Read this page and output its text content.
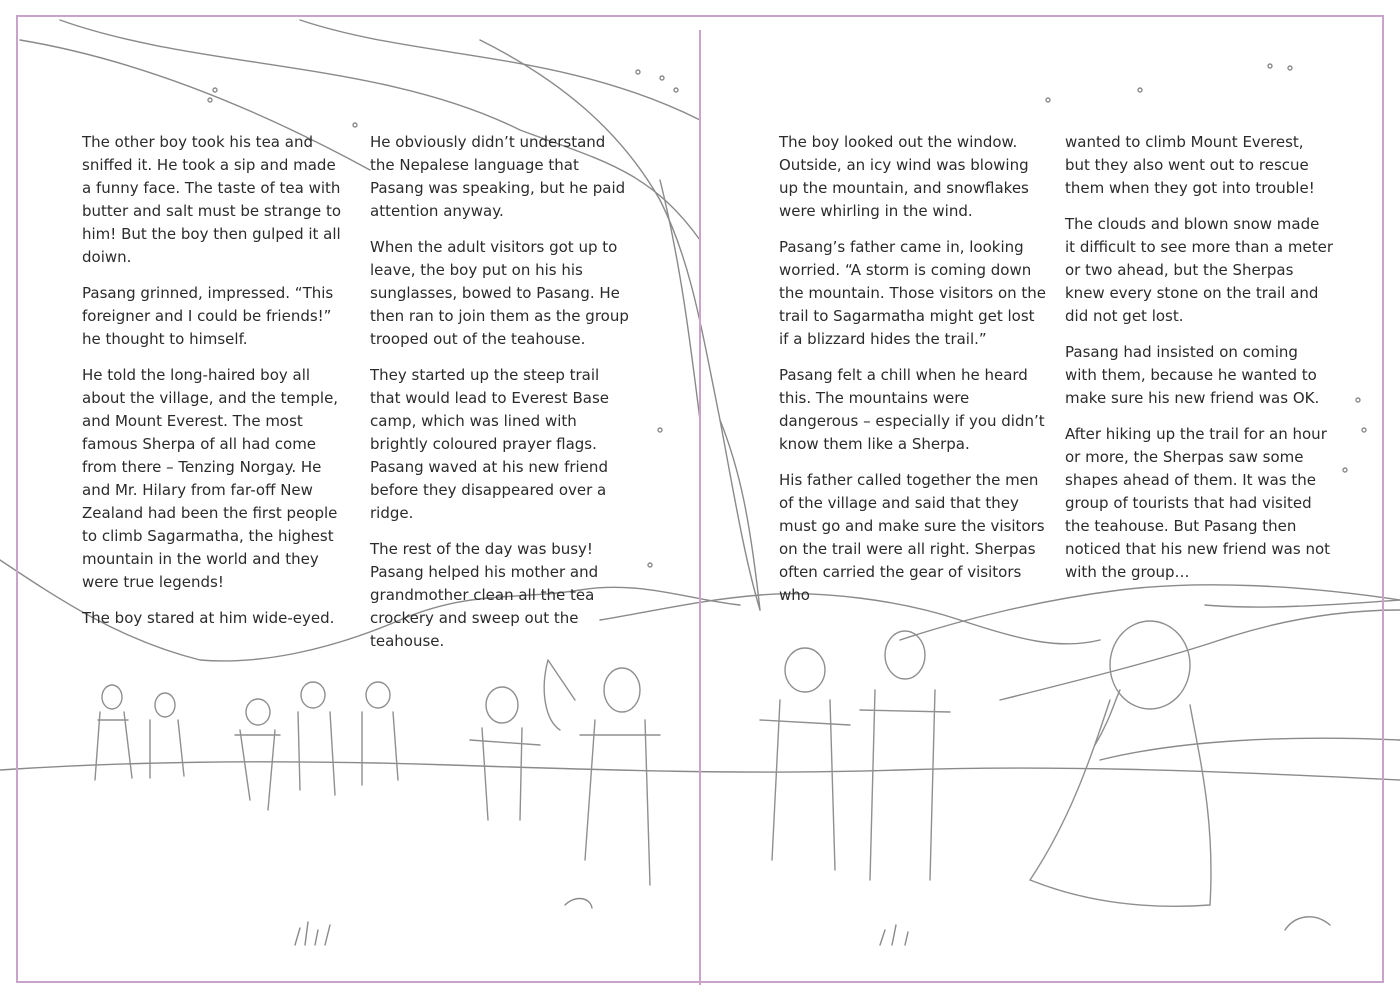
The other boy took his tea and sniffed it. He took a sip and made a funny face. The taste of tea with butter and salt must be strange to him! But the boy then gulped it all doiwn.

Pasang grinned, impressed. “This foreigner and I could be friends!” he thought to himself.

He told the long-haired boy all about the village, and the temple, and Mount Everest. The most famous Sherpa of all had come from there – Tenzing Norgay. He and Mr. Hilary from far-off New Zealand had been the first people to climb Sagarmatha, the highest mountain in the world and they were true legends!

The boy stared at him wide-eyed.

He obviously didn’t understand the Nepalese language that Pasang was speaking, but he paid attention anyway.

When the adult visitors got up to leave, the boy put on his his sunglasses, bowed to Pasang. He then ran to join them as the group trooped out of the teahouse.

They started up the steep trail that would lead to Everest Base camp, which was lined with brightly coloured prayer flags. Pasang waved at his new friend before they disappeared over a ridge.

The rest of the day was busy! Pasang helped his mother and grandmother clean all the tea crockery and sweep out the teahouse.

The boy looked out the window. Outside, an icy wind was blowing up the mountain, and snowflakes were whirling in the wind.

Pasang’s father came in, looking worried. “A storm is coming down the mountain. Those visitors on the trail to Sagarmatha might get lost if a blizzard hides the trail.”

Pasang felt a chill when he heard this. The mountains were dangerous – especially if you didn’t know them like a Sherpa.

His father called together the men of the village and said that they must go and make sure the visitors on the trail were all right. Sherpas often carried the gear of visitors who

wanted to climb Mount Everest, but they also went out to rescue them when they got into trouble!

The clouds and blown snow made it difficult to see more than a meter or two ahead, but the Sherpas knew every stone on the trail and did not get lost.

Pasang had insisted on coming with them, because he wanted to make sure his new friend was OK.

After hiking up the trail for an hour or more, the Sherpas saw some shapes ahead of them. It was the group of tourists that had visited the teahouse. But Pasang then noticed that his new friend was not with the group…
